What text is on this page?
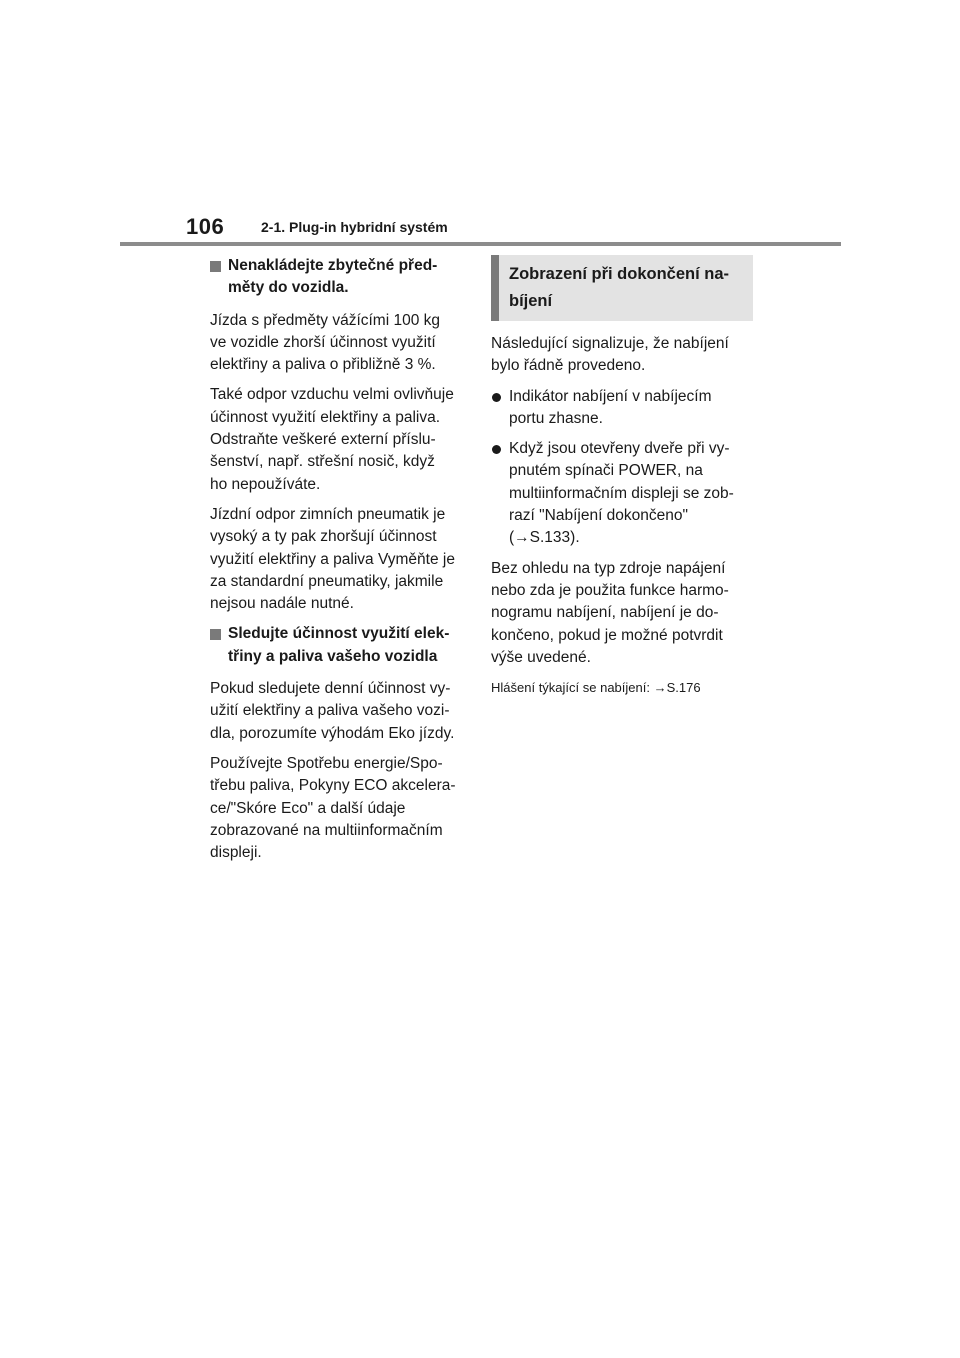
106	2-1. Plug-in hybridní systém
Nenakládejte zbytečné před-
měty do vozidla.
Jízda s předměty vážícími 100 kg
ve vozidle zhorší účinnost využití
elektřiny a paliva o přibližně 3 %.
Také odpor vzduchu velmi ovlivňuje
účinnost využití elektřiny a paliva.
Odstraňte veškeré externí příslu-
šenství, např. střešní nosič, když
ho nepoužíváte.
Jízdní odpor zimních pneumatik je
vysoký a ty pak zhoršují účinnost
využití elektřiny a paliva Vyměňte je
za standardní pneumatiky, jakmile
nejsou nadále nutné.
Sledujte účinnost využití elek-
třiny a paliva vašeho vozidla
Pokud sledujete denní účinnost vy-
užití elektřiny a paliva vašeho vozi-
dla, porozumíte výhodám Eko jízdy.
Používejte Spotřebu energie/Spo-
třebu paliva, Pokyny ECO akcelera-
ce/"Skóre Eco" a další údaje
zobrazované na multiinformačním
displeji.
Zobrazení při dokončení na-
bíjení
Následující signalizuje, že nabíjení
bylo řádně provedeno.
Indikátor nabíjení v nabíjecím
portu zhasne.
Když jsou otevřeny dveře při vy-
pnutém spínači POWER, na
multiinformačním displeji se zob-
razí "Nabíjení dokončeno"
(→S.133).
Bez ohledu na typ zdroje napájení
nebo zda je použita funkce harmo-
nogramu nabíjení, nabíjení je do-
končeno, pokud je možné potvrdit
výše uvedené.
Hlášení týkající se nabíjení: →S.176
